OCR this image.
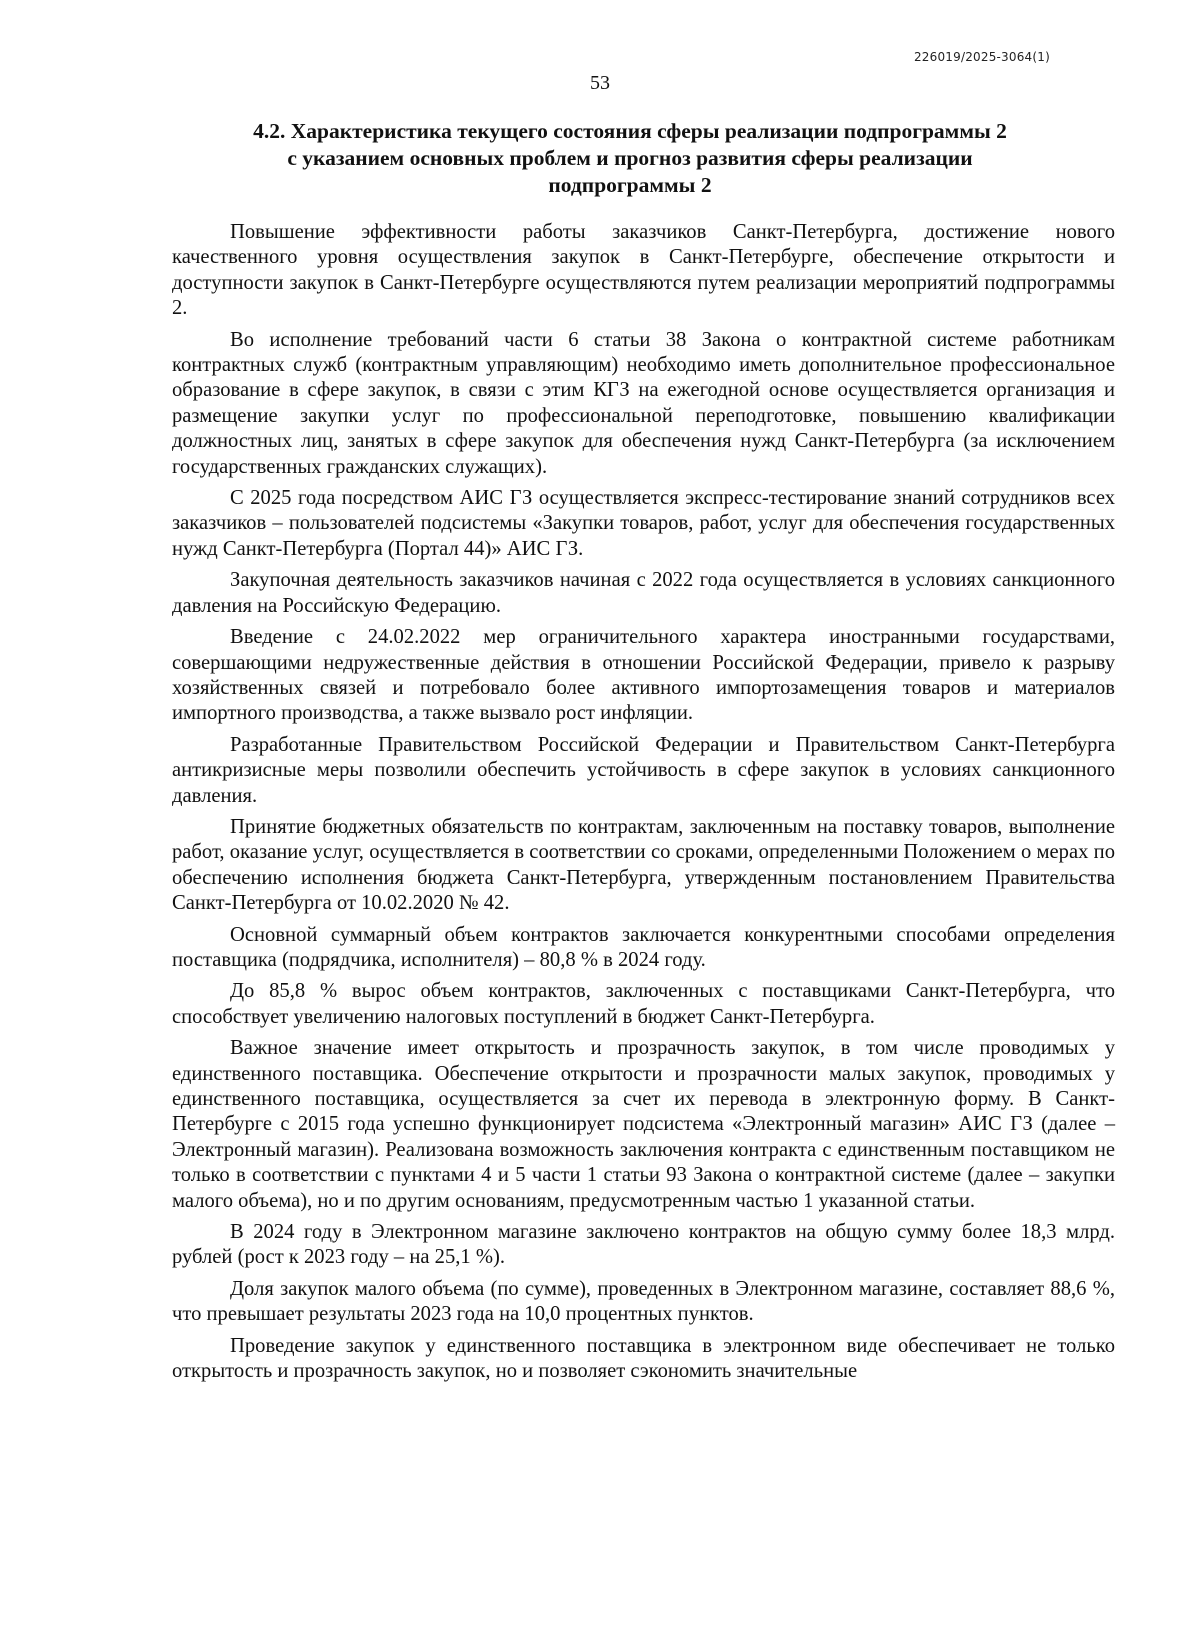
226019/2025-3064(1)
53
4.2. Характеристика текущего состояния сферы реализации подпрограммы 2
с указанием основных проблем и прогноз развития сферы реализации
подпрограммы 2

Повышение эффективности работы заказчиков Санкт-Петербурга, достижение нового качественного уровня осуществления закупок в Санкт-Петербурге, обеспечение открытости и доступности закупок в Санкт-Петербурге осуществляются путем реализации мероприятий подпрограммы 2.

Во исполнение требований части 6 статьи 38 Закона о контрактной системе работникам контрактных служб (контрактным управляющим) необходимо иметь дополнительное профессиональное образование в сфере закупок, в связи с этим КГЗ на ежегодной основе осуществляется организация и размещение закупки услуг по профессиональной переподготовке, повышению квалификации должностных лиц, занятых в сфере закупок для обеспечения нужд Санкт-Петербурга (за исключением государственных гражданских служащих).

С 2025 года посредством АИС ГЗ осуществляется экспресс-тестирование знаний сотрудников всех заказчиков – пользователей подсистемы «Закупки товаров, работ, услуг для обеспечения государственных нужд Санкт-Петербурга (Портал 44)» АИС ГЗ.

Закупочная деятельность заказчиков начиная с 2022 года осуществляется в условиях санкционного давления на Российскую Федерацию.

Введение с 24.02.2022 мер ограничительного характера иностранными государствами, совершающими недружественные действия в отношении Российской Федерации, привело к разрыву хозяйственных связей и потребовало более активного импортозамещения товаров и материалов импортного производства, а также вызвало рост инфляции.

Разработанные Правительством Российской Федерации и Правительством Санкт-Петербурга антикризисные меры позволили обеспечить устойчивость в сфере закупок в условиях санкционного давления.

Принятие бюджетных обязательств по контрактам, заключенным на поставку товаров, выполнение работ, оказание услуг, осуществляется в соответствии со сроками, определенными Положением о мерах по обеспечению исполнения бюджета Санкт-Петербурга, утвержденным постановлением Правительства Санкт-Петербурга от 10.02.2020 № 42.

Основной суммарный объем контрактов заключается конкурентными способами определения поставщика (подрядчика, исполнителя) – 80,8 % в 2024 году.

До 85,8 % вырос объем контрактов, заключенных с поставщиками Санкт-Петербурга, что способствует увеличению налоговых поступлений в бюджет Санкт-Петербурга.

Важное значение имеет открытость и прозрачность закупок, в том числе проводимых у единственного поставщика. Обеспечение открытости и прозрачности малых закупок, проводимых у единственного поставщика, осуществляется за счет их перевода в электронную форму. В Санкт-Петербурге с 2015 года успешно функционирует подсистема «Электронный магазин» АИС ГЗ (далее – Электронный магазин). Реализована возможность заключения контракта с единственным поставщиком не только в соответствии с пунктами 4 и 5 части 1 статьи 93 Закона о контрактной системе (далее – закупки малого объема), но и по другим основаниям, предусмотренным частью 1 указанной статьи.

В 2024 году в Электронном магазине заключено контрактов на общую сумму более 18,3 млрд. рублей (рост к 2023 году – на 25,1 %).

Доля закупок малого объема (по сумме), проведенных в Электронном магазине, составляет 88,6 %, что превышает результаты 2023 года на 10,0 процентных пунктов.

Проведение закупок у единственного поставщика в электронном виде обеспечивает не только открытость и прозрачность закупок, но и позволяет сэкономить значительные
